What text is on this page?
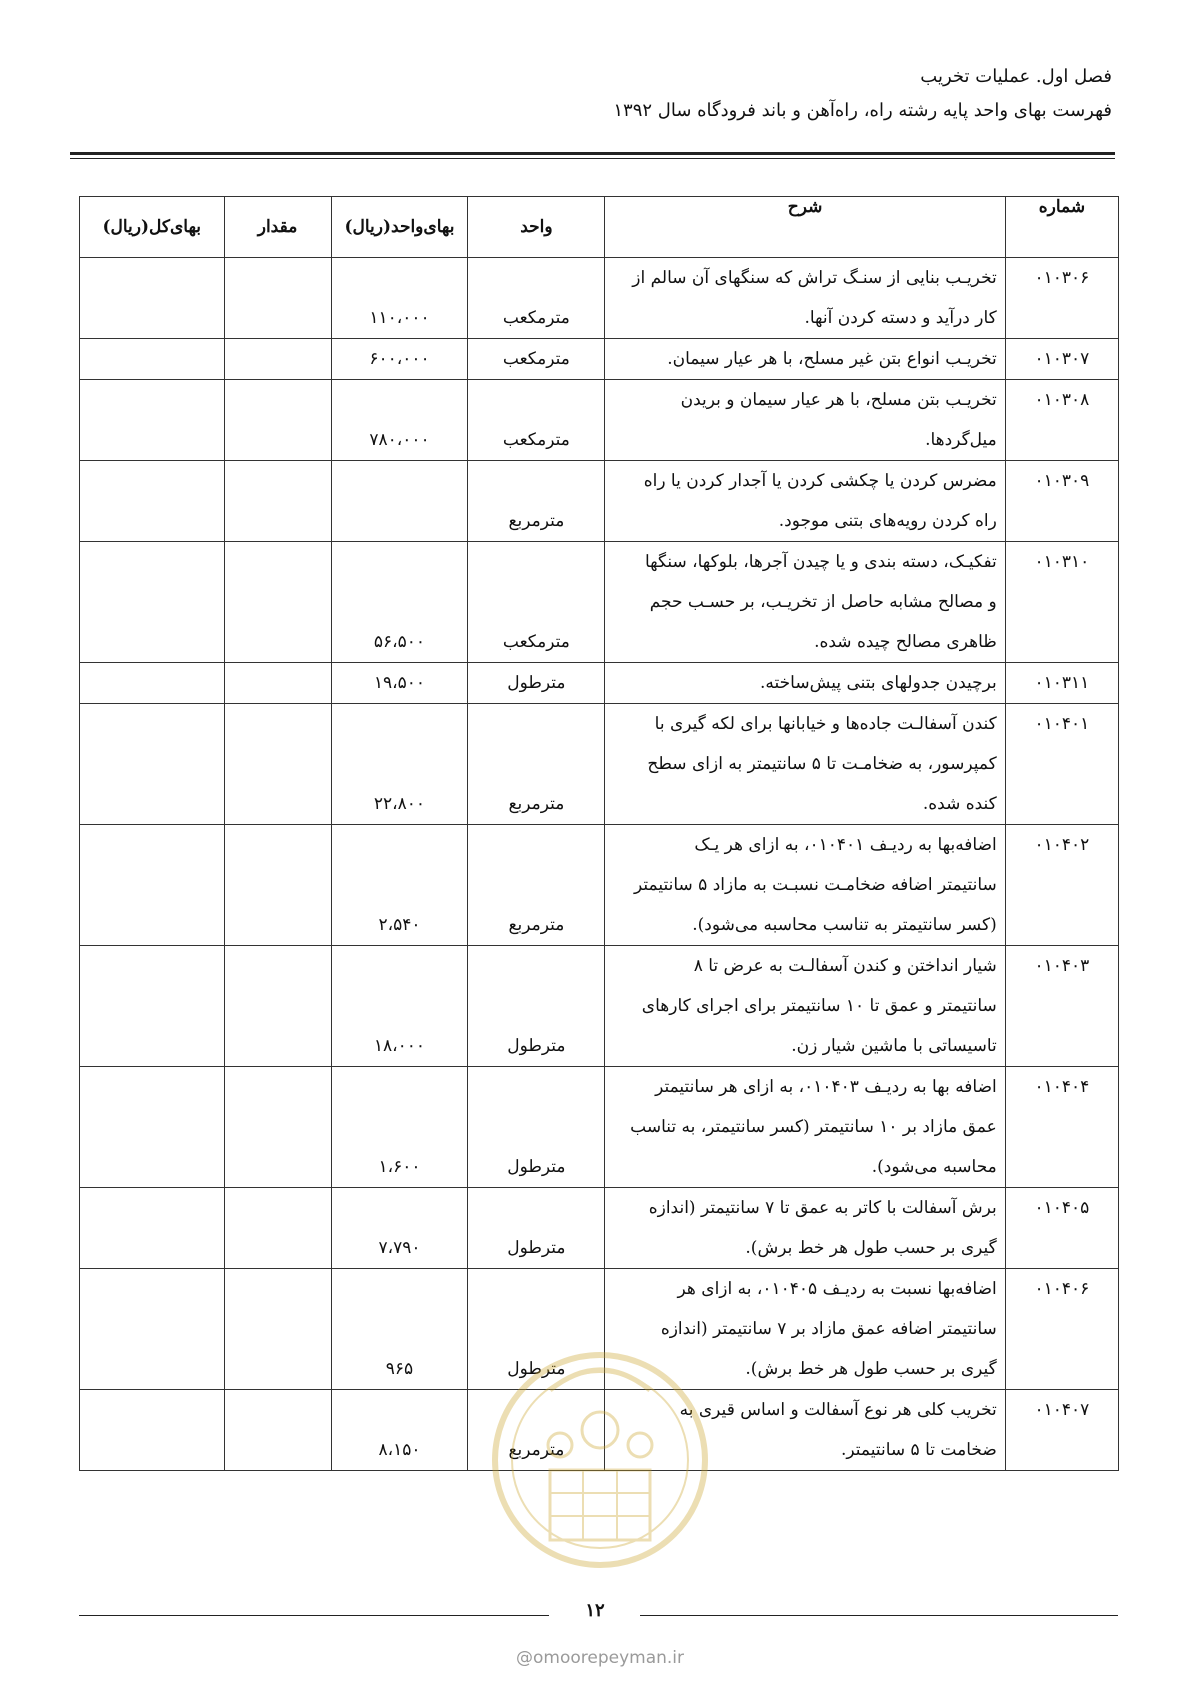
فصل اول. عملیات تخریب
فهرست بهای واحد پایه رشته راه، راه‌آهن و باند فرودگاه سال ۱۳۹۲
شماره	شرح	واحد	بهای‌واحد(ریال)	مقدار	بهای‌کل(ریال)
۰۱۰۳۰۶	تخریـب بنایی از سنـگ تراش که سنگهای آن سالم از
کار درآید و دسته کردن آنها.	مترمکعب	۱۱۰،۰۰۰		
۰۱۰۳۰۷	تخریـب انواع بتن غیر مسلح، با هر عیار سیمان.	مترمکعب	۶۰۰،۰۰۰		
۰۱۰۳۰۸	تخریـب بتن مسلح، با هر عیار سیمان و بریدن
میل‌گردها.	مترمکعب	۷۸۰،۰۰۰		
۰۱۰۳۰۹	مضرس کردن یا چکشی کردن یا آجدار کردن یا راه
راه کردن رویه‌های بتنی موجود.	مترمربع			
۰۱۰۳۱۰	تفکیـک، دسته بندی و یا چیدن آجرها، بلوکها، سنگها
و مصالح مشابه حاصل از تخریـب، بر حسـب حجم
ظاهری مصالح چیده شده.	مترمکعب	۵۶،۵۰۰		
۰۱۰۳۱۱	برچیدن جدولهای بتنی پیش‌ساخته.	مترطول	۱۹،۵۰۰		
۰۱۰۴۰۱	کندن آسفالـت جاده‌ها و خیابانها برای لکه گیری با
کمپرسور، به ضخامـت تا ۵ سانتیمتر به ازای سطح
کنده شده.	مترمربع	۲۲،۸۰۰		
۰۱۰۴۰۲	اضافه‌بها به ردیـف ۰۱۰۴۰۱، به ازای هر یـک
سانتیمتر اضافه ضخامـت نسبـت به مازاد ۵ سانتیمتر
(کسر سانتیمتر به تناسب محاسبه می‌شود).	مترمربع	۲،۵۴۰		
۰۱۰۴۰۳	شیار انداختن و کندن آسفالـت به عرض تا ۸
سانتیمتر و عمق تا ۱۰ سانتیمتر برای اجرای کارهای
تاسیساتی با ماشین شیار زن.	مترطول	۱۸،۰۰۰		
۰۱۰۴۰۴	اضافه بها به ردیـف ۰۱۰۴۰۳، به ازای هر سانتیمتر
عمق مازاد بر ۱۰ سانتیمتر (کسر سانتیمتر، به تناسب
محاسبه می‌شود).	مترطول	۱،۶۰۰		
۰۱۰۴۰۵	برش آسفالت با کاتر به عمق تا ۷ سانتیمتر (اندازه
گیری بر حسب طول هر خط برش).	مترطول	۷،۷۹۰		
۰۱۰۴۰۶	اضافه‌بها نسبت به ردیـف ۰۱۰۴۰۵، به ازای هر
سانتیمتر اضافه عمق مازاد بر ۷ سانتیمتر (اندازه
گیری بر حسب طول هر خط برش).	مترطول	۹۶۵		
۰۱۰۴۰۷	تخریب کلی هر نوع آسفالت و اساس قیری به
ضخامت تا ۵ سانتیمتر.	مترمربع	۸،۱۵۰		
۱۲
@omoorepeyman.ir
